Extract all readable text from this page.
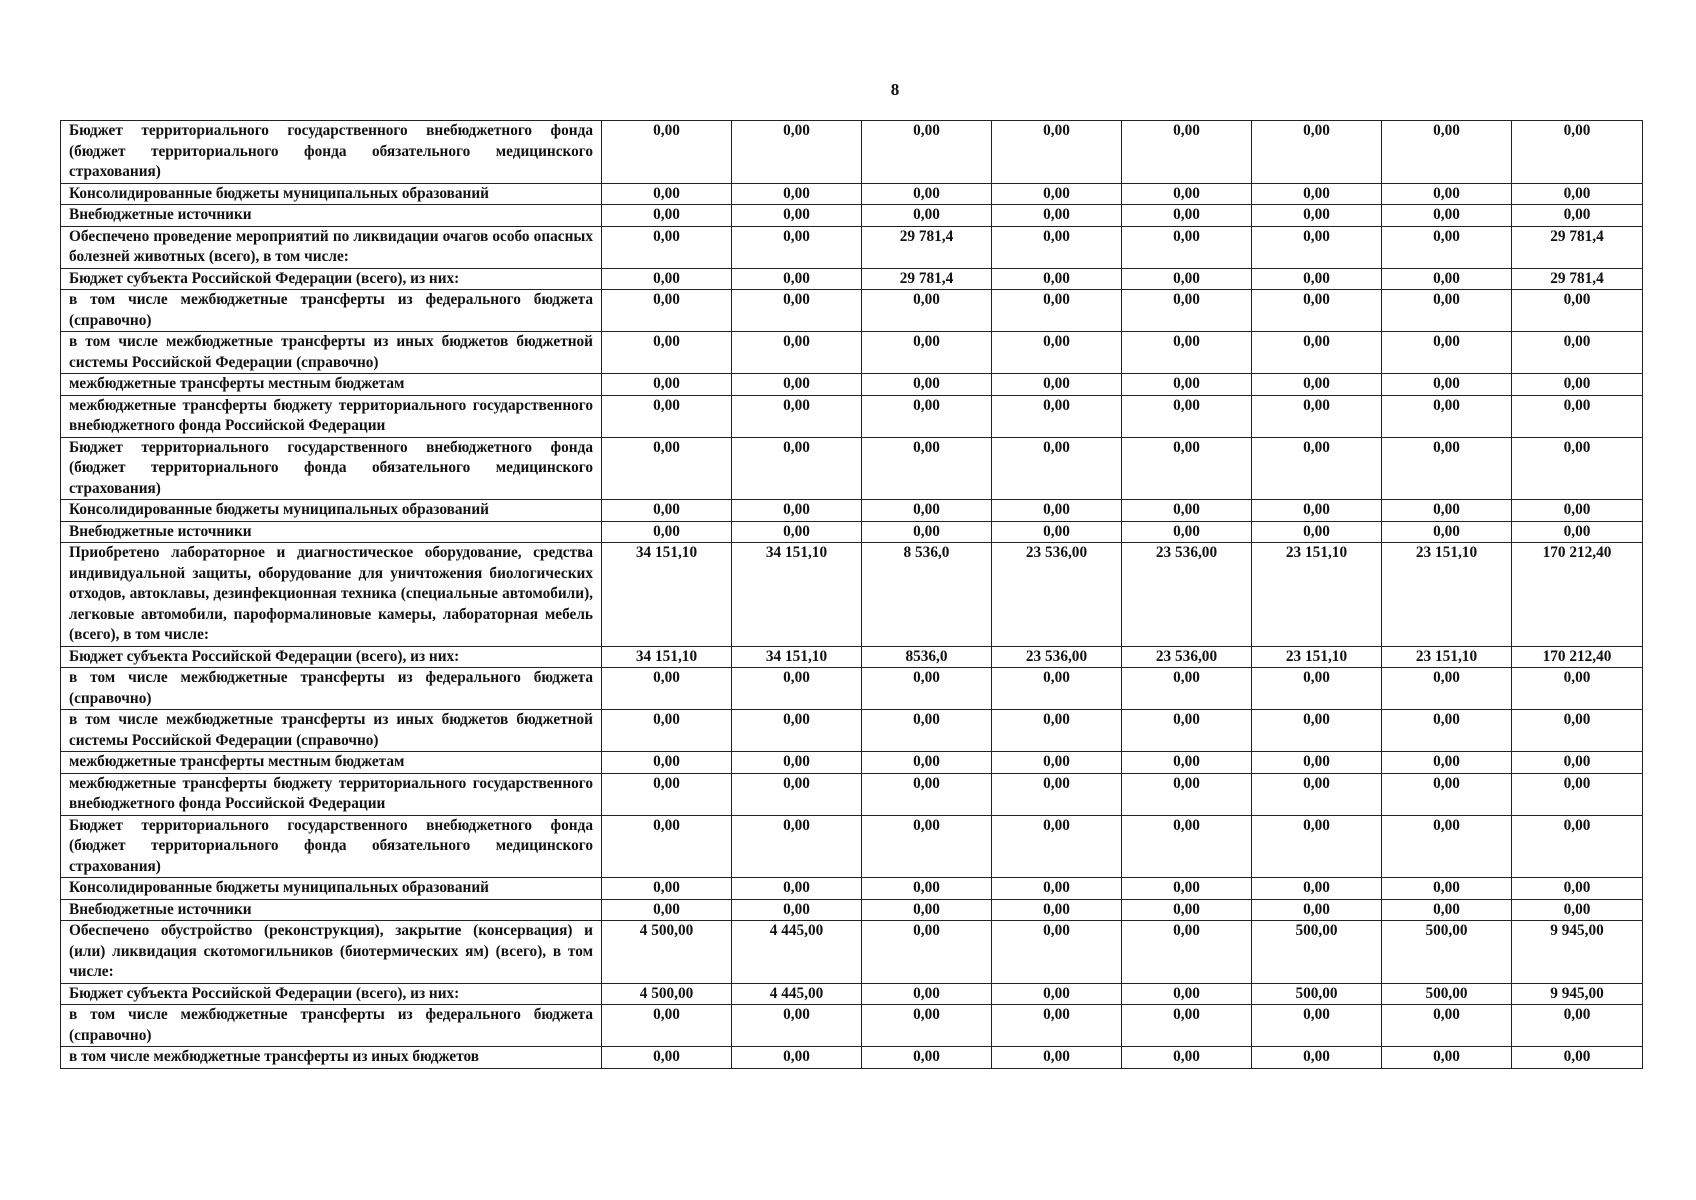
8
Бюджет территориального государственного внебюджетного фонда (бюджет территориального фонда обязательного медицинского страхования)	0,00	0,00	0,00	0,00	0,00	0,00	0,00	0,00
Консолидированные бюджеты муниципальных образований	0,00	0,00	0,00	0,00	0,00	0,00	0,00	0,00
Внебюджетные источники	0,00	0,00	0,00	0,00	0,00	0,00	0,00	0,00
Обеспечено проведение мероприятий по ликвидации очагов особо опасных болезней животных (всего), в том числе:	0,00	0,00	29 781,4	0,00	0,00	0,00	0,00	29 781,4
Бюджет субъекта Российской Федерации (всего), из них:	0,00	0,00	29 781,4	0,00	0,00	0,00	0,00	29 781,4
в том числе межбюджетные трансферты из федерального бюджета (справочно)	0,00	0,00	0,00	0,00	0,00	0,00	0,00	0,00
в том числе межбюджетные трансферты из иных бюджетов бюджетной системы Российской Федерации (справочно)	0,00	0,00	0,00	0,00	0,00	0,00	0,00	0,00
межбюджетные трансферты местным бюджетам	0,00	0,00	0,00	0,00	0,00	0,00	0,00	0,00
межбюджетные трансферты бюджету территориального государственного внебюджетного фонда Российской Федерации	0,00	0,00	0,00	0,00	0,00	0,00	0,00	0,00
Бюджет территориального государственного внебюджетного фонда (бюджет территориального фонда обязательного медицинского страхования)	0,00	0,00	0,00	0,00	0,00	0,00	0,00	0,00
Консолидированные бюджеты муниципальных образований	0,00	0,00	0,00	0,00	0,00	0,00	0,00	0,00
Внебюджетные источники	0,00	0,00	0,00	0,00	0,00	0,00	0,00	0,00
Приобретено лабораторное и диагностическое оборудование, средства индивидуальной защиты, оборудование для уничтожения биологических отходов, автоклавы, дезинфекционная техника (специальные автомобили), легковые автомобили, пароформалиновые камеры, лабораторная мебель (всего), в том числе:	34 151,10	34 151,10	8 536,0	23 536,00	23 536,00	23 151,10	23 151,10	170 212,40
Бюджет субъекта Российской Федерации (всего), из них:	34 151,10	34 151,10	8536,0	23 536,00	23 536,00	23 151,10	23 151,10	170 212,40
в том числе межбюджетные трансферты из федерального бюджета (справочно)	0,00	0,00	0,00	0,00	0,00	0,00	0,00	0,00
в том числе межбюджетные трансферты из иных бюджетов бюджетной системы Российской Федерации (справочно)	0,00	0,00	0,00	0,00	0,00	0,00	0,00	0,00
межбюджетные трансферты местным бюджетам	0,00	0,00	0,00	0,00	0,00	0,00	0,00	0,00
межбюджетные трансферты бюджету территориального государственного внебюджетного фонда Российской Федерации	0,00	0,00	0,00	0,00	0,00	0,00	0,00	0,00
Бюджет территориального государственного внебюджетного фонда (бюджет территориального фонда обязательного медицинского страхования)	0,00	0,00	0,00	0,00	0,00	0,00	0,00	0,00
Консолидированные бюджеты муниципальных образований	0,00	0,00	0,00	0,00	0,00	0,00	0,00	0,00
Внебюджетные источники	0,00	0,00	0,00	0,00	0,00	0,00	0,00	0,00
Обеспечено обустройство (реконструкция), закрытие (консервация) и (или) ликвидация скотомогильников (биотермических ям) (всего), в том числе:	4 500,00	4 445,00	0,00	0,00	0,00	500,00	500,00	9 945,00
Бюджет субъекта Российской Федерации (всего), из них:	4 500,00	4 445,00	0,00	0,00	0,00	500,00	500,00	9 945,00
в том числе межбюджетные трансферты из федерального бюджета (справочно)	0,00	0,00	0,00	0,00	0,00	0,00	0,00	0,00
в том числе межбюджетные трансферты из иных бюджетов	0,00	0,00	0,00	0,00	0,00	0,00	0,00	0,00
